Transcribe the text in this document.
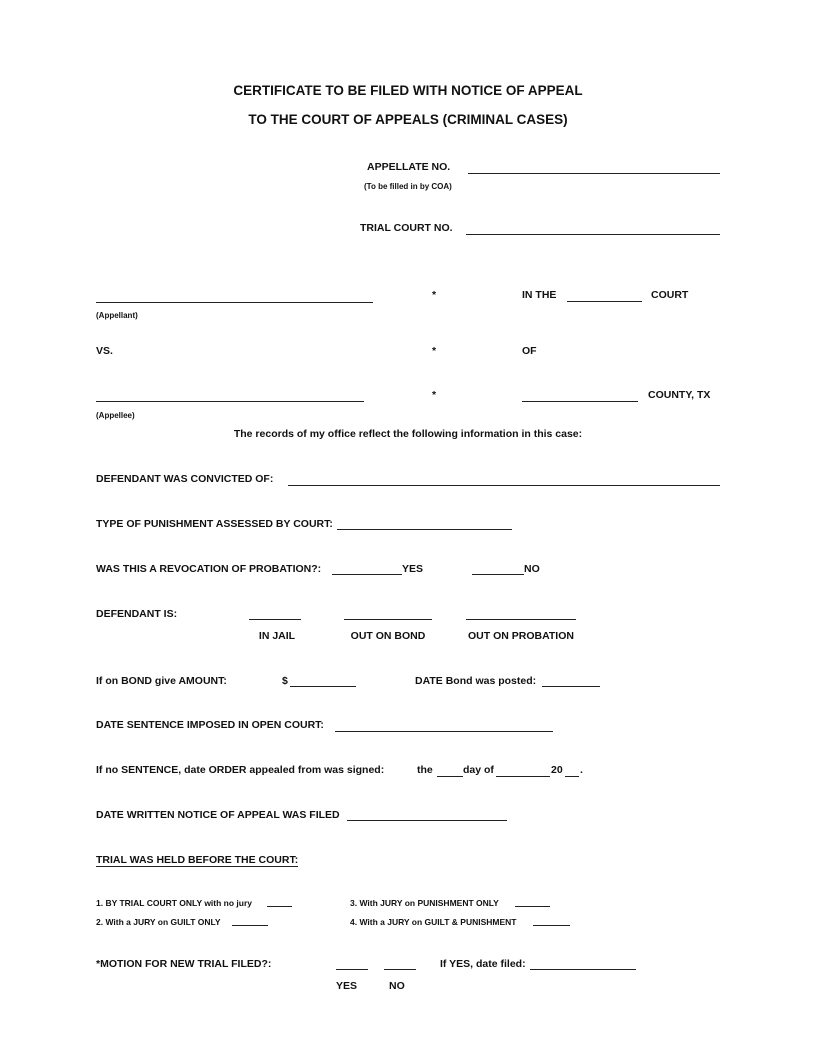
CERTIFICATE TO BE FILED WITH NOTICE OF APPEAL
TO THE COURT OF APPEALS (CRIMINAL CASES)
APPELLATE NO.
(To be filled in by COA)
TRIAL COURT NO.
*	IN THE	COURT
(Appellant)
VS.	*	OF
*	COUNTY, TX
(Appellee)
The records of my office reflect the following information in this case:
DEFENDANT WAS CONVICTED OF:
TYPE OF PUNISHMENT ASSESSED BY COURT:
WAS THIS A REVOCATION OF PROBATION?:	YES	NO
DEFENDANT IS:
IN JAIL	OUT ON BOND	OUT ON PROBATION
If on BOND give AMOUNT:	$	DATE Bond was posted:
DATE SENTENCE IMPOSED IN OPEN COURT:
If no SENTENCE, date ORDER appealed from was signed:	the	day of	20 .
DATE WRITTEN NOTICE OF APPEAL WAS FILED
TRIAL WAS HELD BEFORE THE COURT:
1. BY TRIAL COURT ONLY with no jury	3. With JURY on PUNISHMENT ONLY
2. With a JURY on GUILT ONLY	4. With a JURY on GUILT & PUNISHMENT
*MOTION FOR NEW TRIAL FILED?:	If YES, date filed:
YES	NO
